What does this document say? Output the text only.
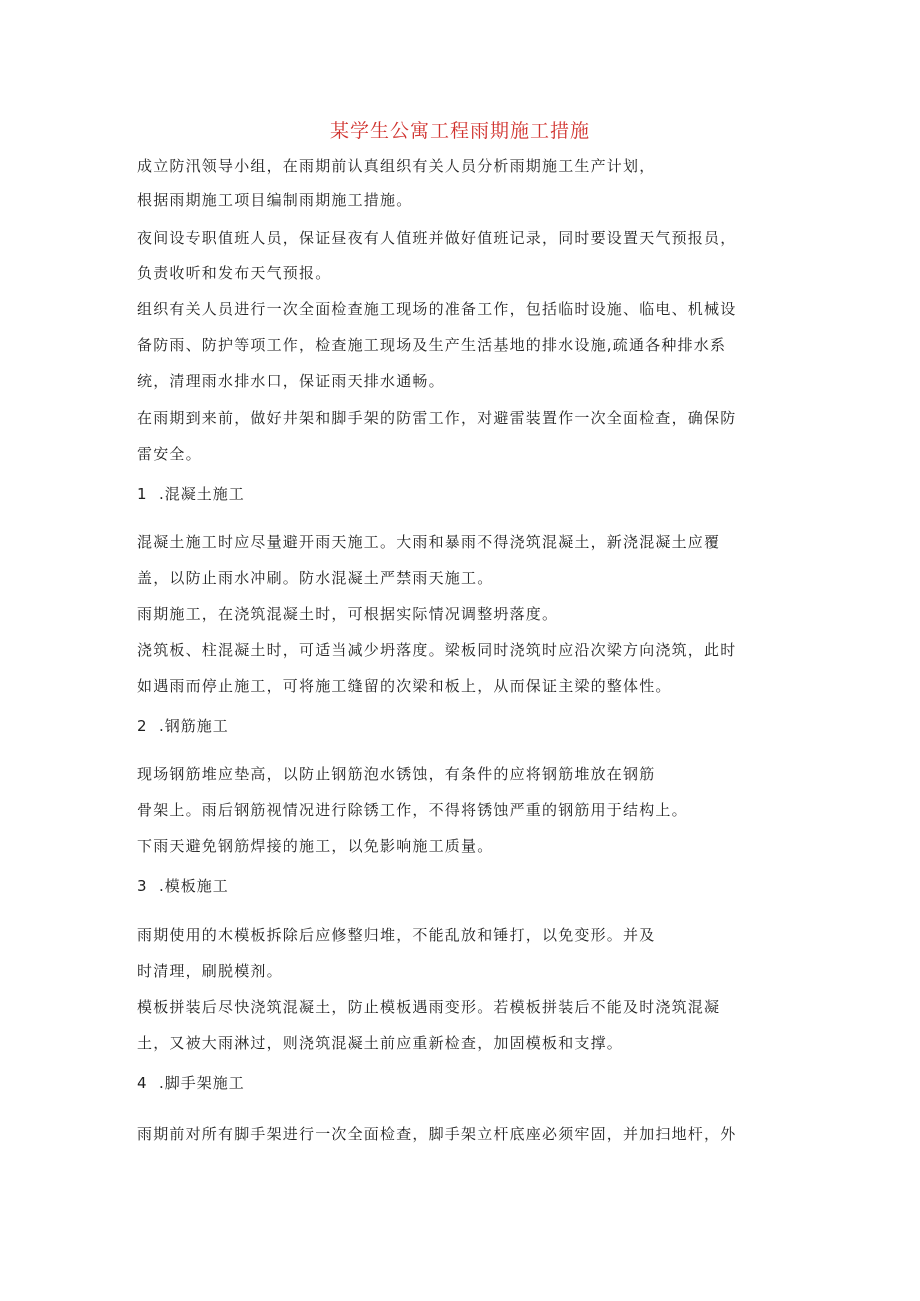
某学生公寓工程雨期施工措施
成立防汛领导小组，在雨期前认真组织有关人员分析雨期施工生产计划，
根据雨期施工项目编制雨期施工措施。
夜间设专职值班人员，保证昼夜有人值班并做好值班记录，同时要设置天气预报员，
负责收听和发布天气预报。
组织有关人员进行一次全面检查施工现场的准备工作，包括临时设施、临电、机械设
备防雨、防护等项工作，检查施工现场及生产生活基地的排水设施,疏通各种排水系
统，清理雨水排水口，保证雨天排水通畅。
在雨期到来前，做好井架和脚手架的防雷工作，对避雷装置作一次全面检查，确保防
雷安全。
1 .混凝土施工
混凝土施工时应尽量避开雨天施工。大雨和暴雨不得浇筑混凝土，新浇混凝土应覆
盖，以防止雨水冲刷。防水混凝土严禁雨天施工。
雨期施工，在浇筑混凝土时，可根据实际情况调整坍落度。
浇筑板、柱混凝土时，可适当减少坍落度。梁板同时浇筑时应沿次梁方向浇筑，此时
如遇雨而停止施工，可将施工缝留的次梁和板上，从而保证主梁的整体性。
2 .钢筋施工
现场钢筋堆应垫高，以防止钢筋泡水锈蚀，有条件的应将钢筋堆放在钢筋
骨架上。雨后钢筋视情况进行除锈工作，不得将锈蚀严重的钢筋用于结构上。
下雨天避免钢筋焊接的施工，以免影响施工质量。
3 .模板施工
雨期使用的木模板拆除后应修整归堆，不能乱放和锤打，以免变形。并及
时清理，刷脱模剂。
模板拼装后尽快浇筑混凝土，防止模板遇雨变形。若模板拼装后不能及时浇筑混凝
土，又被大雨淋过，则浇筑混凝土前应重新检查，加固模板和支撑。
4 .脚手架施工
雨期前对所有脚手架进行一次全面检查，脚手架立杆底座必须牢固，并加扫地杆，外
